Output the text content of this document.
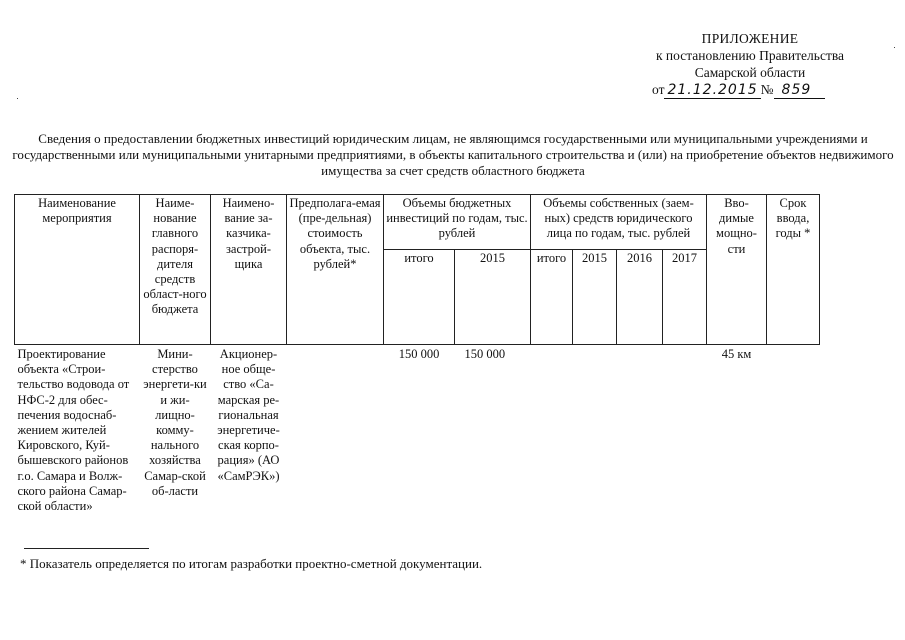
ПРИЛОЖЕНИЕ
к постановлению Правительства
Самарской области
от 21.12.2015 № 859
Сведения о предоставлении бюджетных инвестиций юридическим лицам, не являющимся государственными или муниципальными учреждениями и государственными или муниципальными унитарными предприятиями, в объекты капитального строительства и (или) на приобретение объектов недвижимого имущества за счет средств областного бюджета
Наименование мероприятия	Наиме-нование главного распоря-дителя средств област-ного бюджета	Наимено-вание за-казчика-застрой-щика	Предполага-емая (пре-дельная) стоимость объекта, тыс. рублей*	Объемы бюджетных инвестиций по годам, тыс. рублей		Объемы собственных (заем-ных) средств юридического лица по годам, тыс. рублей				Вво-димые мощно-сти	Срок ввода, годы *
				итого	2015	итого	2015	2016	2017		
Проектирование объекта «Строи-тельство водовода от НФС-2 для обес-печения водоснаб-жением жителей Кировского, Куй-бышевского районов г.о. Самара и Волж-ского района Самар-ской области»	Мини-стерство энергети-ки и жи-лищно-комму-нального хозяйства Самар-ской об-ласти	Акционер-ное обще-ство «Са-марская ре-гиональная энергетиче-ская корпо-рация» (АО «СамРЭК»)		150 000	150 000					45 км	
* Показатель определяется по итогам разработки проектно-сметной документации.
